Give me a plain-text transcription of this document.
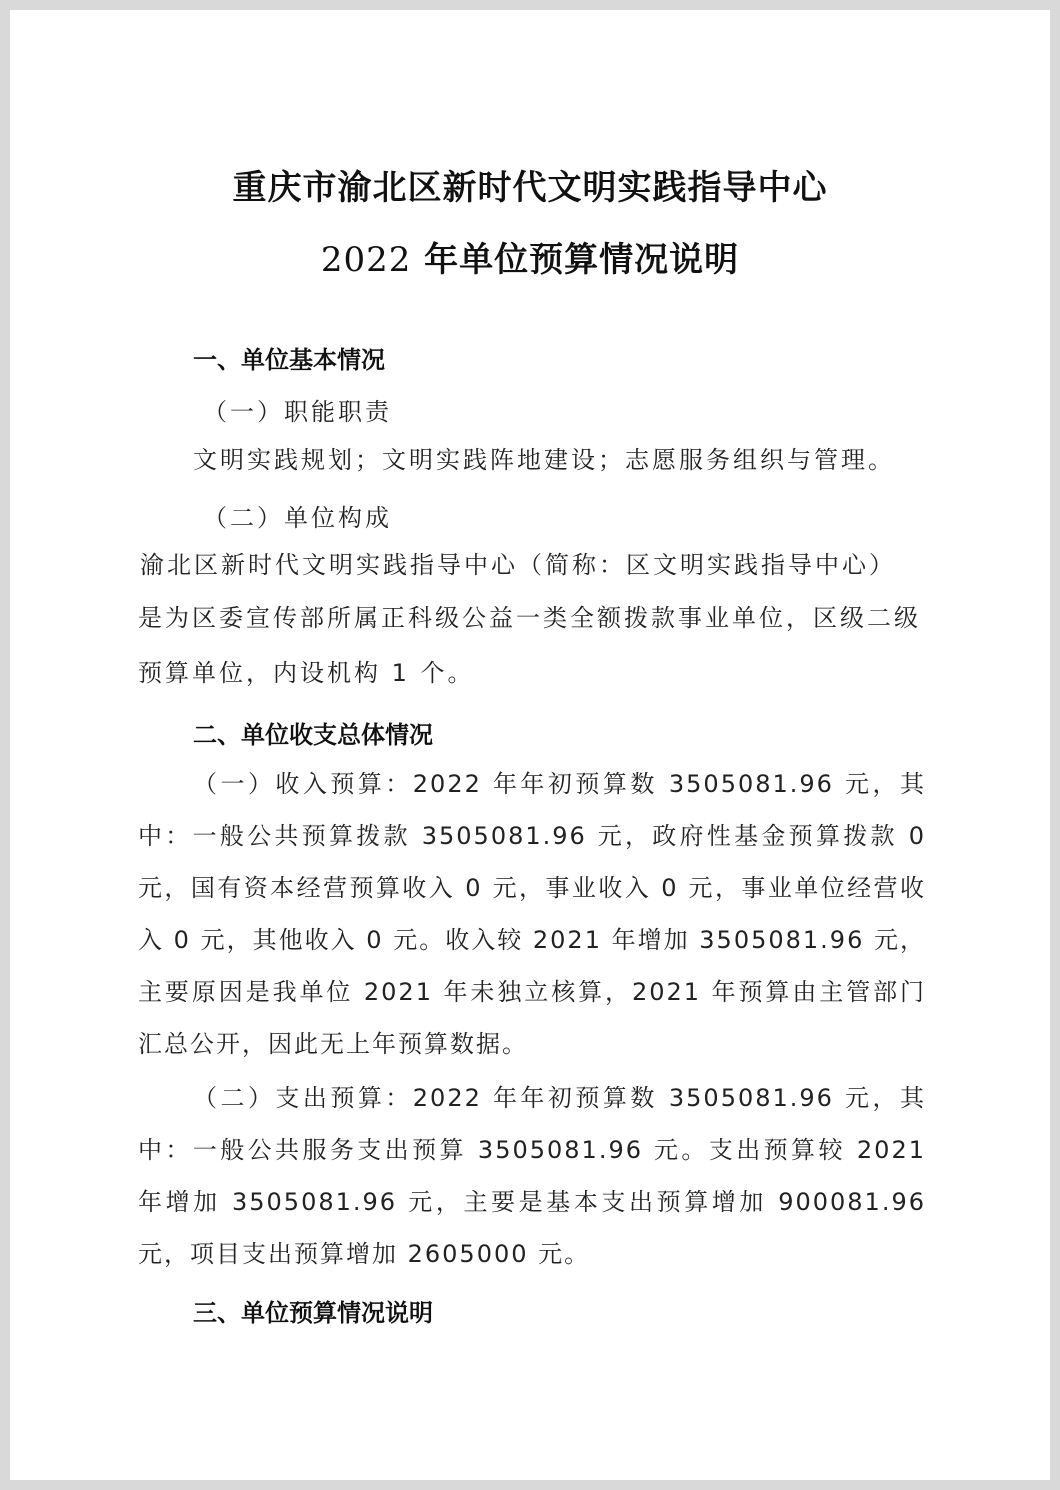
重庆市渝北区新时代文明实践指导中心
2022 年单位预算情况说明
一、单位基本情况
（一）职能职责
文明实践规划；文明实践阵地建设；志愿服务组织与管理。
（二）单位构成
渝北区新时代文明实践指导中心（简称：区文明实践指导中心）
是为区委宣传部所属正科级公益一类全额拨款事业单位，区级二级
预算单位，内设机构 1 个。
二、单位收支总体情况
（一）收入预算：2022 年年初预算数 3505081.96 元，其中：一般公共预算拨款 3505081.96 元，政府性基金预算拨款 0 元，国有资本经营预算收入 0 元，事业收入 0 元，事业单位经营收入 0 元，其他收入 0 元。收入较 2021 年增加 3505081.96 元，主要原因是我单位 2021 年未独立核算，2021 年预算由主管部门汇总公开，因此无上年预算数据。
（二）支出预算：2022 年年初预算数 3505081.96 元，其中：一般公共服务支出预算 3505081.96 元。支出预算较 2021 年增加 3505081.96 元，主要是基本支出预算增加 900081.96 元，项目支出预算增加 2605000 元。
三、单位预算情况说明
